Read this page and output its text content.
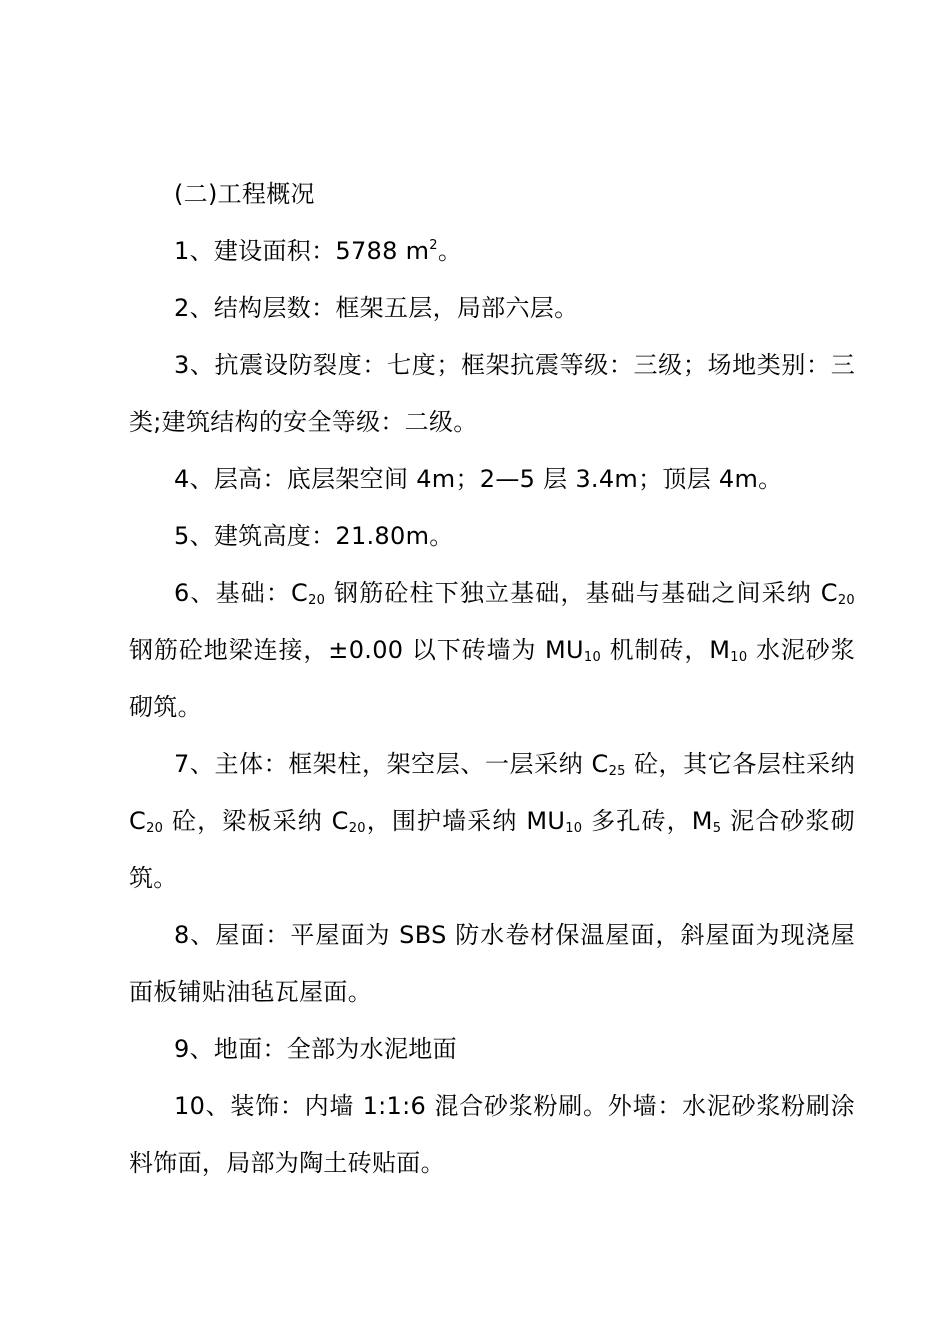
(二)工程概况

1、建设面积：5788 $m^2$。

2、结构层数：框架五层，局部六层。

3、抗震设防裂度：七度；框架抗震等级：三级；场地类别：三类;建筑结构的安全等级：二级。

4、层高：底层架空间 4m；2—5 层 3.4m；顶层 4m。

5、建筑高度：21.80m。

6、基础：$C_{20}$ 钢筋砼柱下独立基础，基础与基础之间采纳 $C_{20}$ 钢筋砼地梁连接，±0.00 以下砖墙为 $MU_{10}$ 机制砖，$M_{10}$ 水泥砂浆砌筑。

7、主体：框架柱，架空层、一层采纳 $C_{25}$ 砼，其它各层柱采纳 $C_{20}$ 砼，梁板采纳 $C_{20}$，围护墙采纳 $MU_{10}$ 多孔砖，$M_5$ 泥合砂浆砌筑。

8、屋面：平屋面为 SBS 防水卷材保温屋面，斜屋面为现浇屋面板铺贴油毡瓦屋面。

9、地面：全部为水泥地面

10、装饰：内墙 1:1:6 混合砂浆粉刷。外墙：水泥砂浆粉刷涂料饰面，局部为陶土砖贴面。
